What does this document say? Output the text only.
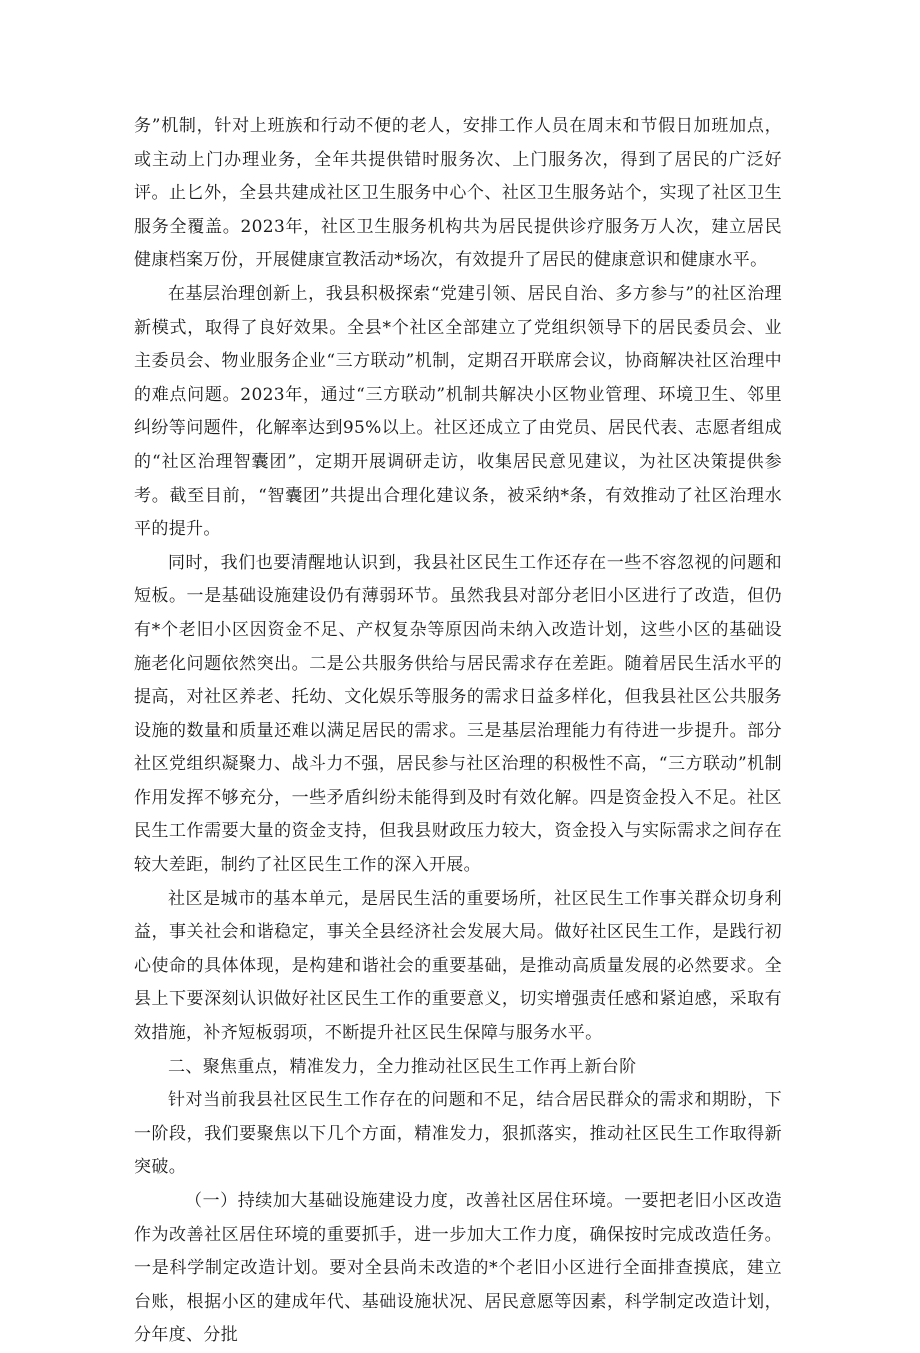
务”机制，针对上班族和行动不便的老人，安排工作人员在周末和节假日加班加点，或主动上门办理业务，全年共提供错时服务次、上门服务次，得到了居民的广泛好评。止匕外，全县共建成社区卫生服务中心个、社区卫生服务站个，实现了社区卫生服务全覆盖。2023年，社区卫生服务机构共为居民提供诊疗服务万人次，建立居民健康档案万份，开展健康宣教活动*场次，有效提升了居民的健康意识和健康水平。

在基层治理创新上，我县积极探索“党建引领、居民自治、多方参与”的社区治理新模式，取得了良好效果。全县*个社区全部建立了党组织领导下的居民委员会、业主委员会、物业服务企业“三方联动”机制，定期召开联席会议，协商解决社区治理中的难点问题。2023年，通过“三方联动”机制共解决小区物业管理、环境卫生、邻里纠纷等问题件，化解率达到95%以上。社区还成立了由党员、居民代表、志愿者组成的“社区治理智囊团”，定期开展调研走访，收集居民意见建议，为社区决策提供参考。截至目前，“智囊团”共提出合理化建议条，被采纳*条，有效推动了社区治理水平的提升。

同时，我们也要清醒地认识到，我县社区民生工作还存在一些不容忽视的问题和短板。一是基础设施建设仍有薄弱环节。虽然我县对部分老旧小区进行了改造，但仍有*个老旧小区因资金不足、产权复杂等原因尚未纳入改造计划，这些小区的基础设施老化问题依然突出。二是公共服务供给与居民需求存在差距。随着居民生活水平的提高，对社区养老、托幼、文化娱乐等服务的需求日益多样化，但我县社区公共服务设施的数量和质量还难以满足居民的需求。三是基层治理能力有待进一步提升。部分社区党组织凝聚力、战斗力不强，居民参与社区治理的积极性不高，“三方联动”机制作用发挥不够充分，一些矛盾纠纷未能得到及时有效化解。四是资金投入不足。社区民生工作需要大量的资金支持，但我县财政压力较大，资金投入与实际需求之间存在较大差距，制约了社区民生工作的深入开展。

社区是城市的基本单元，是居民生活的重要场所，社区民生工作事关群众切身利益，事关社会和谐稳定，事关全县经济社会发展大局。做好社区民生工作，是践行初心使命的具体体现，是构建和谐社会的重要基础，是推动高质量发展的必然要求。全县上下要深刻认识做好社区民生工作的重要意义，切实增强责任感和紧迫感，采取有效措施，补齐短板弱项，不断提升社区民生保障与服务水平。

二、聚焦重点，精准发力，全力推动社区民生工作再上新台阶

针对当前我县社区民生工作存在的问题和不足，结合居民群众的需求和期盼，下一阶段，我们要聚焦以下几个方面，精准发力，狠抓落实，推动社区民生工作取得新突破。

（一）持续加大基础设施建设力度，改善社区居住环境。一要把老旧小区改造作为改善社区居住环境的重要抓手，进一步加大工作力度，确保按时完成改造任务。一是科学制定改造计划。要对全县尚未改造的*个老旧小区进行全面排查摸底，建立台账，根据小区的建成年代、基础设施状况、居民意愿等因素，科学制定改造计划，分年度、分批
